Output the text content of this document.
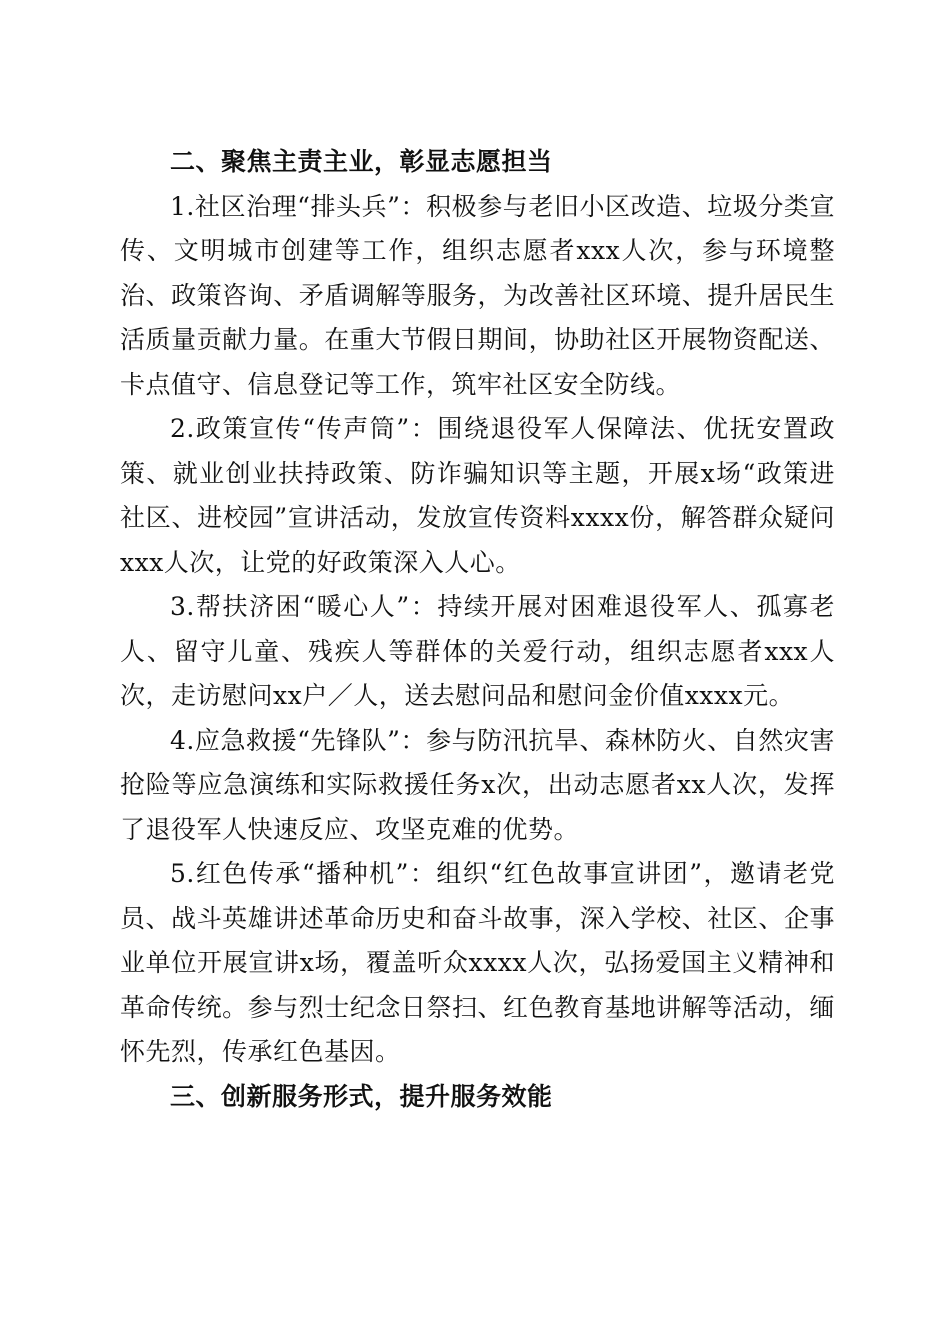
二、聚焦主责主业，彰显志愿担当

1.社区治理“排头兵”：积极参与老旧小区改造、垃圾分类宣传、文明城市创建等工作，组织志愿者xxx人次，参与环境整治、政策咨询、矛盾调解等服务，为改善社区环境、提升居民生活质量贡献力量。在重大节假日期间，协助社区开展物资配送、卡点值守、信息登记等工作，筑牢社区安全防线。

2.政策宣传“传声筒”：围绕退役军人保障法、优抚安置政策、就业创业扶持政策、防诈骗知识等主题，开展x场“政策进社区、进校园”宣讲活动，发放宣传资料xxxx份，解答群众疑问xxx人次，让党的好政策深入人心。

3.帮扶济困“暖心人”：持续开展对困难退役军人、孤寡老人、留守儿童、残疾人等群体的关爱行动，组织志愿者xxx人次，走访慰问xx户／人，送去慰问品和慰问金价值xxxx元。

4.应急救援“先锋队”：参与防汛抗旱、森林防火、自然灾害抢险等应急演练和实际救援任务x次，出动志愿者xx人次，发挥了退役军人快速反应、攻坚克难的优势。

5.红色传承“播种机”：组织“红色故事宣讲团”，邀请老党员、战斗英雄讲述革命历史和奋斗故事，深入学校、社区、企事业单位开展宣讲x场，覆盖听众xxxx人次，弘扬爱国主义精神和革命传统。参与烈士纪念日祭扫、红色教育基地讲解等活动，缅怀先烈，传承红色基因。

三、创新服务形式，提升服务效能
